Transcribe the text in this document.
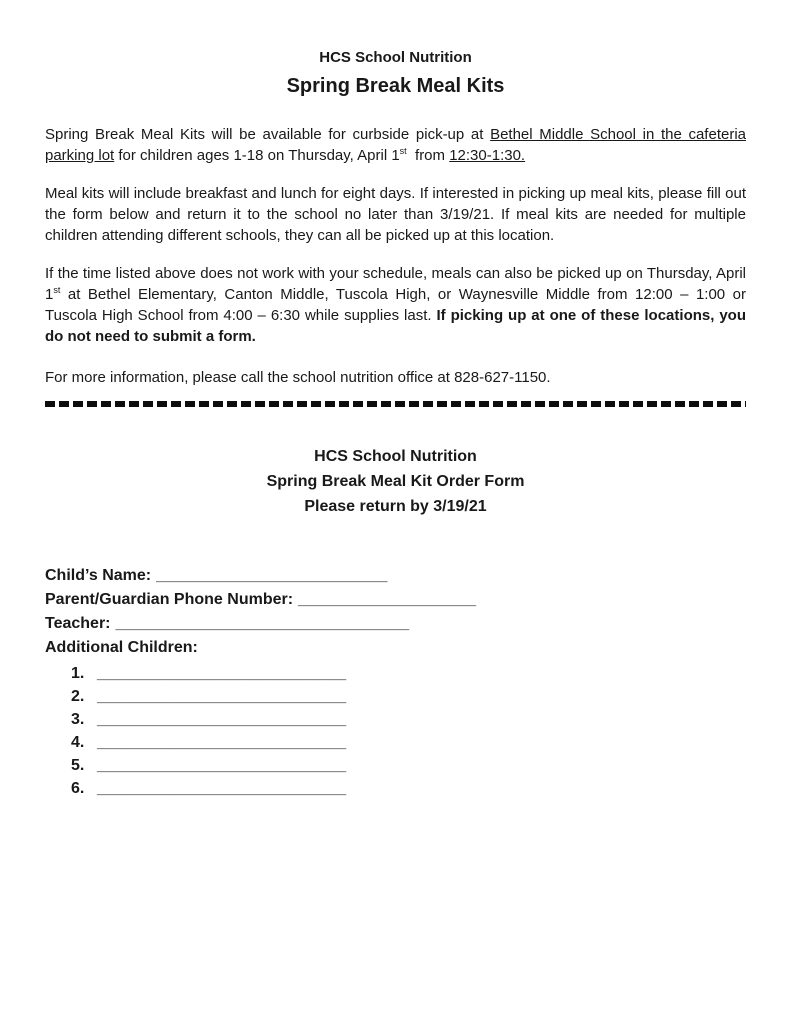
HCS School Nutrition
Spring Break Meal Kits

Spring Break Meal Kits will be available for curbside pick-up at Bethel Middle School in the cafeteria parking lot for children ages 1-18 on Thursday, April 1st  from 12:30-1:30.

Meal kits will include breakfast and lunch for eight days. If interested in picking up meal kits, please fill out the form below and return it to the school no later than 3/19/21. If meal kits are needed for multiple children attending different schools, they can all be picked up at this location.

If the time listed above does not work with your schedule, meals can also be picked up on Thursday, April 1st at Bethel Elementary, Canton Middle, Tuscola High, or Waynesville Middle from 12:00 – 1:00 or Tuscola High School from 4:00 – 6:30 while supplies last. If picking up at one of these locations, you do not need to submit a form.

For more information, please call the school nutrition office at 828-627-1150.

HCS School Nutrition
Spring Break Meal Kit Order Form
Please return by 3/19/21
Child’s Name: __________________________
Parent/Guardian Phone Number: ____________________
Teacher: _________________________________
Additional Children:
1. ____________________________
2. ____________________________
3. ____________________________
4. ____________________________
5. ____________________________
6. ____________________________
